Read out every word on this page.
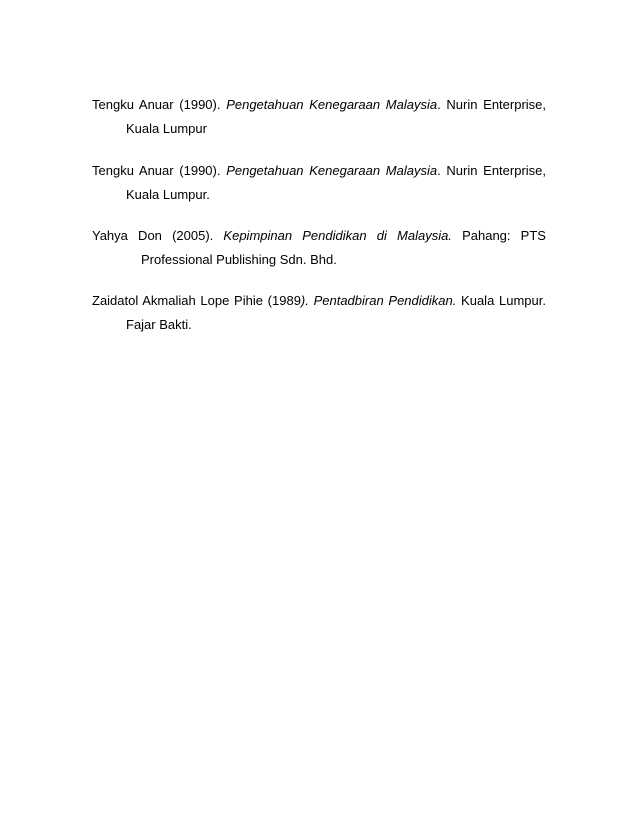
Tengku Anuar (1990). Pengetahuan Kenegaraan Malaysia. Nurin Enterprise,
Kuala Lumpur
Tengku Anuar (1990). Pengetahuan Kenegaraan Malaysia. Nurin Enterprise,
Kuala Lumpur.
Yahya Don (2005). Kepimpinan Pendidikan di Malaysia. Pahang: PTS
Professional Publishing Sdn. Bhd.
Zaidatol Akmaliah Lope Pihie (1989). Pentadbiran Pendidikan. Kuala Lumpur.
Fajar Bakti.
